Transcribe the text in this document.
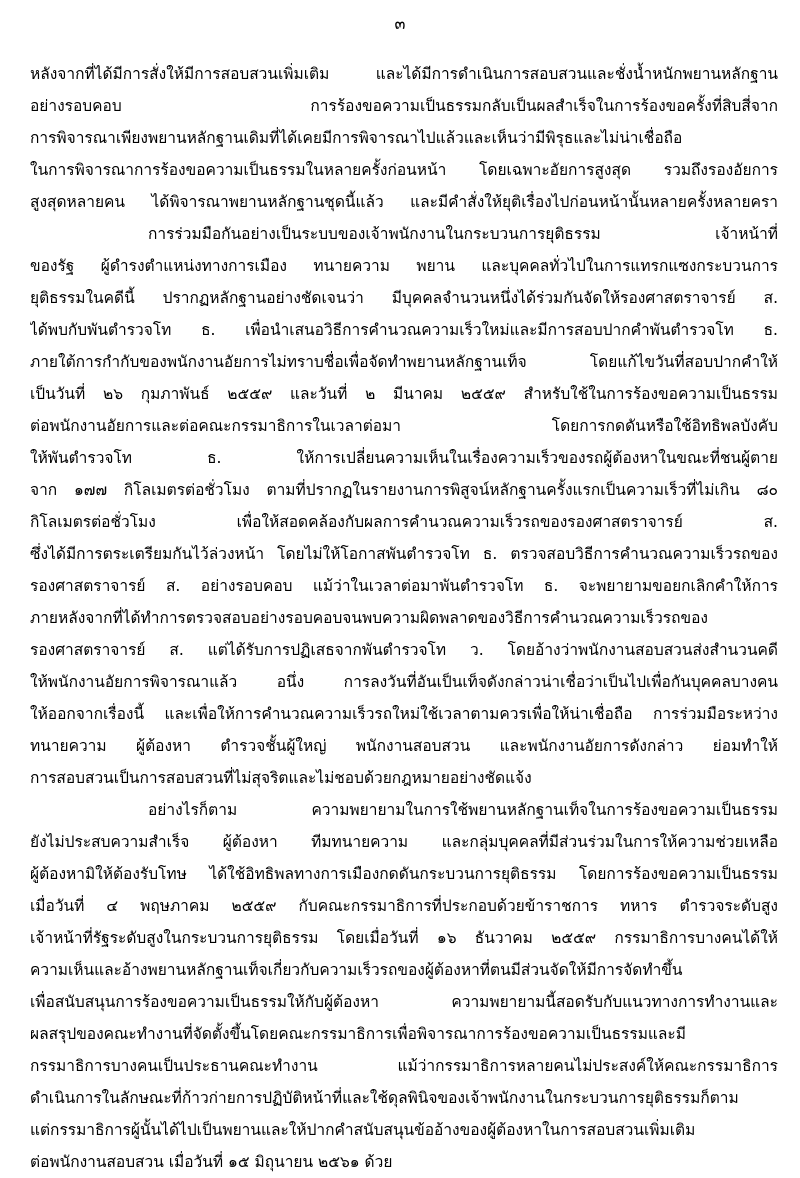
๓
หลังจากที่ได้มีการสั่งให้มีการสอบสวนเพิ่มเติม และได้มีการดำเนินการสอบสวนและชั่งน้ำหนักพยานหลักฐาน
อย่างรอบคอบ การร้องขอความเป็นธรรมกลับเป็นผลสำเร็จในการร้องขอครั้งที่สิบสี่จาก
การพิจารณาเพียงพยานหลักฐานเดิมที่ได้เคยมีการพิจารณาไปแล้วและเห็นว่ามีพิรุธและไม่น่าเชื่อถือ
ในการพิจารณาการร้องขอความเป็นธรรมในหลายครั้งก่อนหน้า โดยเฉพาะอัยการสูงสุด รวมถึงรองอัยการ
สูงสุดหลายคน ได้พิจารณาพยานหลักฐานชุดนี้แล้ว และมีคำสั่งให้ยุติเรื่องไปก่อนหน้านั้นหลายครั้งหลายครา
การร่วมมือกันอย่างเป็นระบบของเจ้าพนักงานในกระบวนการยุติธรรม เจ้าหน้าที่
ของรัฐ ผู้ดำรงตำแหน่งทางการเมือง ทนายความ พยาน และบุคคลทั่วไปในการแทรกแซงกระบวนการ
ยุติธรรมในคดีนี้ ปรากฏหลักฐานอย่างชัดเจนว่า มีบุคคลจำนวนหนึ่งได้ร่วมกันจัดให้รองศาสตราจารย์ ส.
ได้พบกับพันตำรวจโท ธ. เพื่อนำเสนอวิธีการคำนวณความเร็วใหม่และมีการสอบปากคำพันตำรวจโท ธ.
ภายใต้การกำกับของพนักงานอัยการไม่ทราบชื่อเพื่อจัดทำพยานหลักฐานเท็จ โดยแก้ไขวันที่สอบปากคำให้
เป็นวันที่ ๒๖ กุมภาพันธ์ ๒๕๕๙ และวันที่ ๒ มีนาคม ๒๕๕๙ สำหรับใช้ในการร้องขอความเป็นธรรม
ต่อพนักงานอัยการและต่อคณะกรรมาธิการในเวลาต่อมา โดยการกดดันหรือใช้อิทธิพลบังคับ
ให้พันตำรวจโท ธ. ให้การเปลี่ยนความเห็นในเรื่องความเร็วของรถผู้ต้องหาในขณะที่ชนผู้ตาย
จาก ๑๗๗ กิโลเมตรต่อชั่วโมง ตามที่ปรากฏในรายงานการพิสูจน์หลักฐานครั้งแรกเป็นความเร็วที่ไม่เกิน ๘๐
กิโลเมตรต่อชั่วโมง เพื่อให้สอดคล้องกับผลการคำนวณความเร็วรถของรองศาสตราจารย์ ส.
ซึ่งได้มีการตระเตรียมกันไว้ล่วงหน้า โดยไม่ให้โอกาสพันตำรวจโท ธ. ตรวจสอบวิธีการคำนวณความเร็วรถของ
รองศาสตราจารย์ ส. อย่างรอบคอบ แม้ว่าในเวลาต่อมาพันตำรวจโท ธ. จะพยายามขอยกเลิกคำให้การ
ภายหลังจากที่ได้ทำการตรวจสอบอย่างรอบคอบจนพบความผิดพลาดของวิธีการคำนวณความเร็วรถของ
รองศาสตราจารย์ ส. แต่ได้รับการปฏิเสธจากพันตำรวจโท ว. โดยอ้างว่าพนักงานสอบสวนส่งสำนวนคดี
ให้พนักงานอัยการพิจารณาแล้ว อนึ่ง การลงวันที่อันเป็นเท็จดังกล่าวน่าเชื่อว่าเป็นไปเพื่อกันบุคคลบางคน
ให้ออกจากเรื่องนี้ และเพื่อให้การคำนวณความเร็วรถใหม่ใช้เวลาตามควรเพื่อให้น่าเชื่อถือ การร่วมมือระหว่าง
ทนายความ ผู้ต้องหา ตำรวจชั้นผู้ใหญ่ พนักงานสอบสวน และพนักงานอัยการดังกล่าว ย่อมทำให้
การสอบสวนเป็นการสอบสวนที่ไม่สุจริตและไม่ชอบด้วยกฎหมายอย่างชัดแจ้ง
อย่างไรก็ตาม ความพยายามในการใช้พยานหลักฐานเท็จในการร้องขอความเป็นธรรม
ยังไม่ประสบความสำเร็จ ผู้ต้องหา ทีมทนายความ และกลุ่มบุคคลที่มีส่วนร่วมในการให้ความช่วยเหลือ
ผู้ต้องหามิให้ต้องรับโทษ ได้ใช้อิทธิพลทางการเมืองกดดันกระบวนการยุติธรรม โดยการร้องขอความเป็นธรรม
เมื่อวันที่ ๔ พฤษภาคม ๒๕๕๙ กับคณะกรรมาธิการที่ประกอบด้วยข้าราชการ ทหาร ตำรวจระดับสูง
เจ้าหน้าที่รัฐระดับสูงในกระบวนการยุติธรรม โดยเมื่อวันที่ ๑๖ ธันวาคม ๒๕๕๙ กรรมาธิการบางคนได้ให้
ความเห็นและอ้างพยานหลักฐานเท็จเกี่ยวกับความเร็วรถของผู้ต้องหาที่ตนมีส่วนจัดให้มีการจัดทำขึ้น
เพื่อสนับสนุนการร้องขอความเป็นธรรมให้กับผู้ต้องหา ความพยายามนี้สอดรับกับแนวทางการทำงานและ
ผลสรุปของคณะทำงานที่จัดตั้งขึ้นโดยคณะกรรมาธิการเพื่อพิจารณาการร้องขอความเป็นธรรมและมี
กรรมาธิการบางคนเป็นประธานคณะทำงาน แม้ว่ากรรมาธิการหลายคนไม่ประสงค์ให้คณะกรรมาธิการ
ดำเนินการในลักษณะที่ก้าวก่ายการปฏิบัติหน้าที่และใช้ดุลพินิจของเจ้าพนักงานในกระบวนการยุติธรรมก็ตาม
แต่กรรมาธิการผู้นั้นได้ไปเป็นพยานและให้ปากคำสนับสนุนข้ออ้างของผู้ต้องหาในการสอบสวนเพิ่มเติม
ต่อพนักงานสอบสวน เมื่อวันที่ ๑๕ มิถุนายน ๒๕๖๑ ด้วย
